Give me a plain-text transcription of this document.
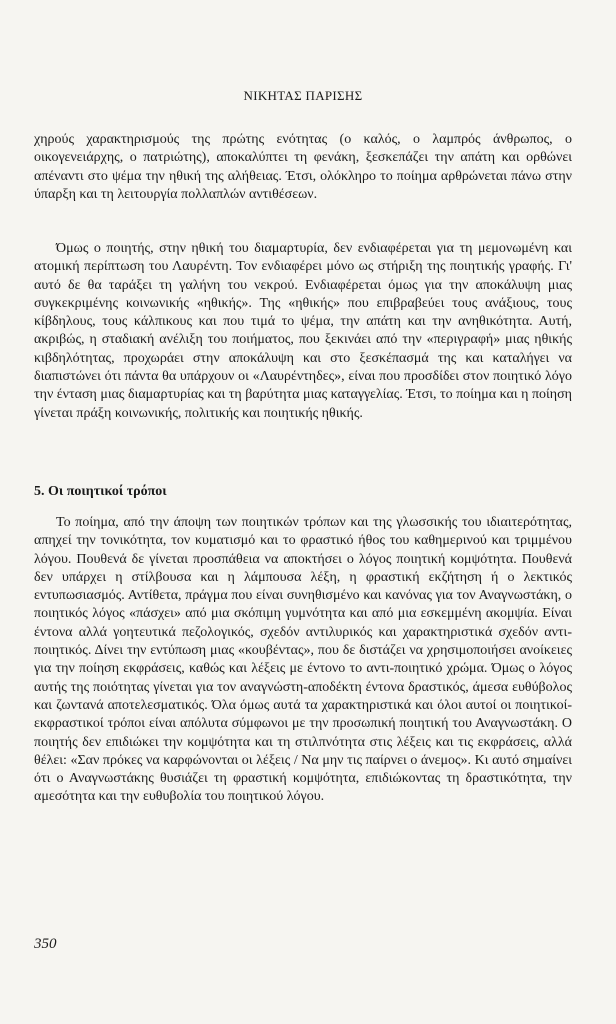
ΝΙΚΗΤΑΣ ΠΑΡΙΣΗΣ

χηρούς χαρακτηρισμούς της πρώτης ενότητας (ο καλός, ο λαμπρός άνθρωπος, ο οικογενειάρχης, ο πατριώτης), αποκαλύπτει τη φενάκη, ξεσκεπάζει την απάτη και ορθώνει απέναντι στο ψέμα την ηθική της αλήθειας. Έτσι, ολόκληρο το ποίημα αρθρώνεται πάνω στην ύπαρξη και τη λειτουργία πολλαπλών αντιθέσεων.

Όμως ο ποιητής, στην ηθική του διαμαρτυρία, δεν ενδιαφέρεται για τη μεμονωμένη και ατομική περίπτωση του Λαυρέντη. Τον ενδιαφέρει μόνο ως στήριξη της ποιητικής γραφής. Γι' αυτό δε θα ταράξει τη γαλήνη του νεκρού. Ενδιαφέρεται όμως για την αποκάλυψη μιας συγκεκριμένης κοινωνικής «ηθικής». Της «ηθικής» που επιβραβεύει τους ανάξιους, τους κίβδηλους, τους κάλπικους και που τιμά το ψέμα, την απάτη και την ανηθικότητα. Αυτή, ακριβώς, η σταδιακή ανέλιξη του ποιήματος, που ξεκινάει από την «περιγραφή» μιας ηθικής κιβδηλότητας, προχωράει στην αποκάλυψη και στο ξεσκέπασμά της και καταλήγει να διαπιστώνει ότι πάντα θα υπάρχουν οι «Λαυρέντηδες», είναι που προσδίδει στον ποιητικό λόγο την ένταση μιας διαμαρτυρίας και τη βαρύτητα μιας καταγγελίας. Έτσι, το ποίημα και η ποίηση γίνεται πράξη κοινωνικής, πολιτικής και ποιητικής ηθικής.

5. Οι ποιητικοί τρόποι

Το ποίημα, από την άποψη των ποιητικών τρόπων και της γλωσσικής του ιδιαιτερότητας, απηχεί την τονικότητα, τον κυματισμό και το φραστικό ήθος του καθημερινού και τριμμένου λόγου. Πουθενά δε γίνεται προσπάθεια να αποκτήσει ο λόγος ποιητική κομψότητα. Πουθενά δεν υπάρχει η στίλβουσα και η λάμπουσα λέξη, η φραστική εκζήτηση ή ο λεκτικός εντυπωσιασμός. Αντίθετα, πράγμα που είναι συνηθισμένο και κανόνας για τον Αναγνωστάκη, ο ποιητικός λόγος «πάσχει» από μια σκόπιμη γυμνότητα και από μια εσκεμμένη ακομψία. Είναι έντονα αλλά γοητευτικά πεζολογικός, σχεδόν αντιλυρικός και χαρακτηριστικά σχεδόν αντι-ποιητικός. Δίνει την εντύπωση μιας «κουβέντας», που δε διστάζει να χρησιμοποιήσει ανοίκειες για την ποίηση εκφράσεις, καθώς και λέξεις με έντονο το αντι-ποιητικό χρώμα. Όμως ο λόγος αυτής της ποιότητας γίνεται για τον αναγνώστη-αποδέκτη έντονα δραστικός, άμεσα ευθύβολος και ζωντανά αποτελεσματικός. Όλα όμως αυτά τα χαρακτηριστικά και όλοι αυτοί οι ποιητικοί-εκφραστικοί τρόποι είναι απόλυτα σύμφωνοι με την προσωπική ποιητική του Αναγνωστάκη. Ο ποιητής δεν επιδιώκει την κομψότητα και τη στιλπνότητα στις λέξεις και τις εκφράσεις, αλλά θέλει: «Σαν πρόκες να καρφώνονται οι λέξεις / Να μην τις παίρνει ο άνεμος». Κι αυτό σημαίνει ότι ο Αναγνωστάκης θυσιάζει τη φραστική κομψότητα, επιδιώκοντας τη δραστικότητα, την αμεσότητα και την ευθυβολία του ποιητικού λόγου.

350
